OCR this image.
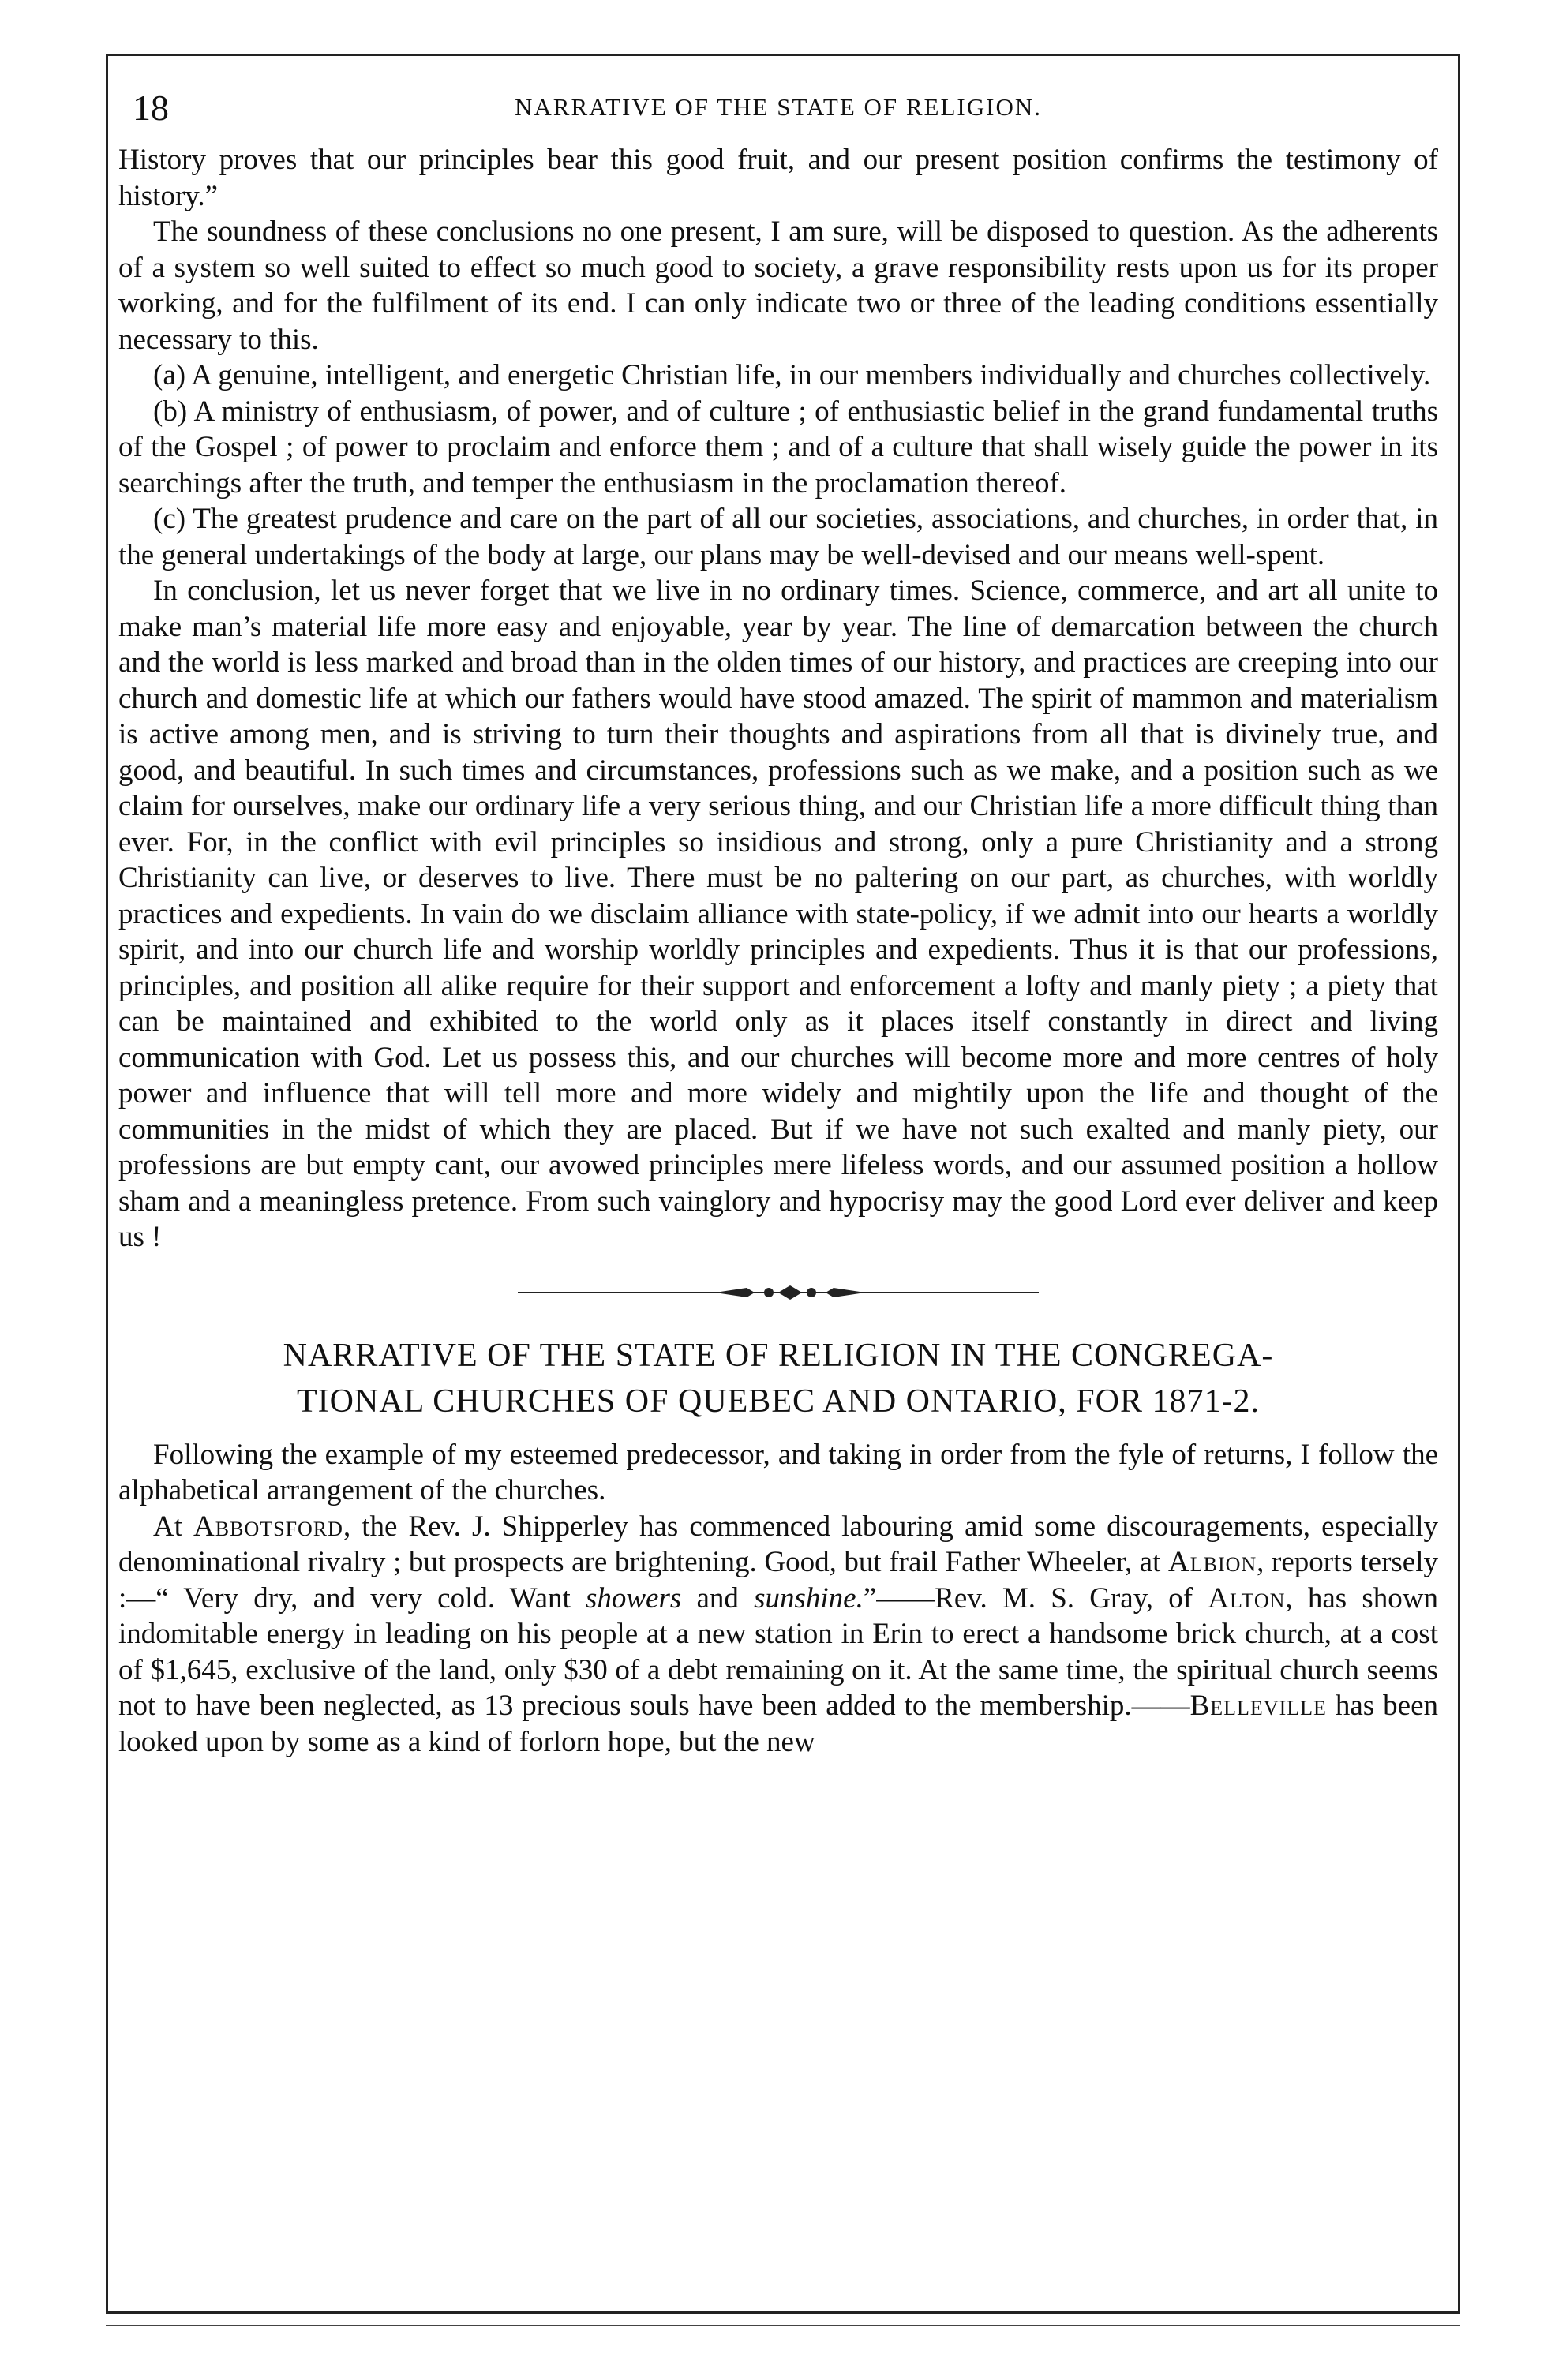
18	NARRATIVE OF THE STATE OF RELIGION.

History proves that our principles bear this good fruit, and our present position confirms the testimony of history.”

The soundness of these conclusions no one present, I am sure, will be disposed to question. As the adherents of a system so well suited to effect so much good to society, a grave responsibility rests upon us for its proper working, and for the fulfilment of its end. I can only indicate two or three of the leading conditions essentially necessary to this.

(a) A genuine, intelligent, and energetic Christian life, in our members individually and churches collectively.

(b) A ministry of enthusiasm, of power, and of culture ; of enthusiastic belief in the grand fundamental truths of the Gospel ; of power to proclaim and enforce them ; and of a culture that shall wisely guide the power in its searchings after the truth, and temper the enthusiasm in the proclamation thereof.

(c) The greatest prudence and care on the part of all our societies, associations, and churches, in order that, in the general undertakings of the body at large, our plans may be well-devised and our means well-spent.

In conclusion, let us never forget that we live in no ordinary times. Science, commerce, and art all unite to make man’s material life more easy and enjoyable, year by year. The line of demarcation between the church and the world is less marked and broad than in the olden times of our history, and practices are creeping into our church and domestic life at which our fathers would have stood amazed. The spirit of mammon and materialism is active among men, and is striving to turn their thoughts and aspirations from all that is divinely true, and good, and beautiful. In such times and circumstances, professions such as we make, and a position such as we claim for ourselves, make our ordinary life a very serious thing, and our Christian life a more difficult thing than ever. For, in the conflict with evil principles so insidious and strong, only a pure Christianity and a strong Christianity can live, or deserves to live. There must be no paltering on our part, as churches, with worldly practices and expedients. In vain do we disclaim alliance with state-policy, if we admit into our hearts a worldly spirit, and into our church life and worship worldly principles and expedients. Thus it is that our professions, principles, and position all alike require for their support and enforcement a lofty and manly piety ; a piety that can be maintained and exhibited to the world only as it places itself constantly in direct and living communication with God. Let us possess this, and our churches will become more and more centres of holy power and influence that will tell more and more widely and mightily upon the life and thought of the communities in the midst of which they are placed. But if we have not such exalted and manly piety, our professions are but empty cant, our avowed principles mere lifeless words, and our assumed position a hollow sham and a meaningless pretence. From such vainglory and hypocrisy may the good Lord ever deliver and keep us !

NARRATIVE OF THE STATE OF RELIGION IN THE CONGREGA-
TIONAL CHURCHES OF QUEBEC AND ONTARIO, FOR 1871-2.

Following the example of my esteemed predecessor, and taking in order from the fyle of returns, I follow the alphabetical arrangement of the churches.

At Abbotsford, the Rev. J. Shipperley has commenced labouring amid some discouragements, especially denominational rivalry ; but prospects are brightening. Good, but frail Father Wheeler, at Albion, reports tersely :—“ Very dry, and very cold. Want showers and sunshine.”——Rev. M. S. Gray, of Alton, has shown indomitable energy in leading on his people at a new station in Erin to erect a handsome brick church, at a cost of $1,645, exclusive of the land, only $30 of a debt remaining on it. At the same time, the spiritual church seems not to have been neglected, as 13 precious souls have been added to the membership.——Belleville has been looked upon by some as a kind of forlorn hope, but the new
